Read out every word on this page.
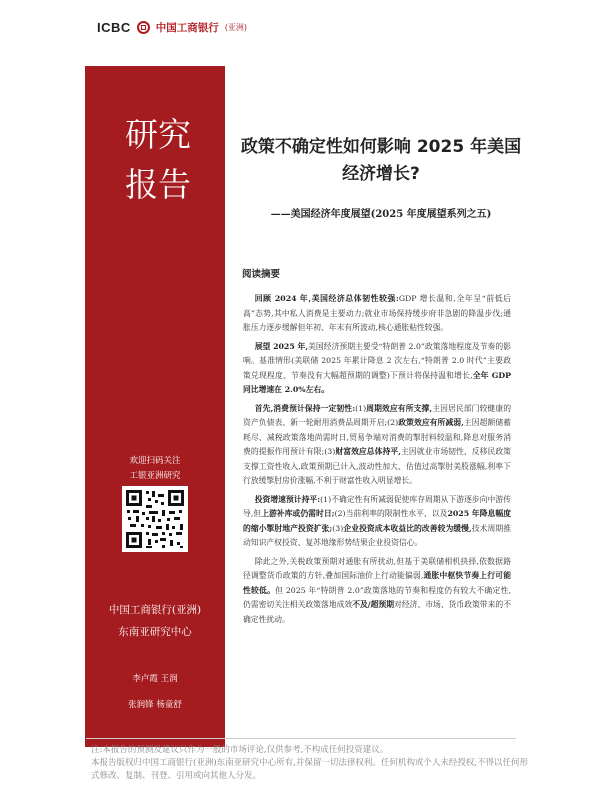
ICBC 中国工商银行 (亚洲)
研究报告
欢迎扫码关注
工银亚洲研究
中国工商银行(亚洲)
东南亚研究中心
李卢霞 王润
张润锋 杨童舒
政策不确定性如何影响 2025 年美国经济增长?
——美国经济年度展望(2025 年度展望系列之五)
阅读摘要

回顾 2024 年,美国经济总体韧性较强:GDP 增长温和,全年呈“前低后高”态势,其中私人消费是主要动力;就业市场保持缓步府非急剧的降温步伐;通胀压力逐步缓解但年初、年末有所波动,核心通胀粘性较强。

展望 2025 年,美国经济预期主要受“特朗普 2.0”政策落地程度及节奏的影响。基准情形(美联储 2025 年累计降息 2 次左右,“特朗普 2.0 时代”主要政策兑现程度、节奏没有大幅超预期的调整)下预计将保持温和增长,全年 GDP 同比增速在 2.0%左右。

首先,消费预计保持一定韧性:(1)周期效应有所支撑,主因居民部门较健康的资产负债表、新一轮耐用消费品周期开启;(2)政策效应有所减弱,主因超额储蓄耗尽、减税政策落地尚需时日,贸易争端对消费的掣肘料较温和,降息对服务消费的提振作用预计有限;(3)财富效应总体持平,主因就业市场韧性、反移民政策支撑工资性收入,政策预期已计入,波动性加大、估值过高掣肘美股涨幅,利率下行放缓掣肘房价涨幅,不利于财富性收入明显增长。

投资增速预计持平:(1)不确定性有所减弱促使库存周期从下游逐步向中游传导,但上游补库或仍需时日;(2)当前利率的限制性水平、以及2025 年降息幅度的缩小掣肘地产投资扩张;(3)企业投资成本收益比的改善较为缓慢,技术周期推动知识产权投资、复苏地缘形势结果企业投资信心。

除此之外,关税政策预期对通胀有所扰动,但基于美联储相机抉择,依数据路径调整货币政策的方针,叠加国际油价上行动能偏弱,通胀中枢快节奏上行可能性较低。但 2025 年“特朗普 2.0”政策落地的节奏和程度仍有较大不确定性,仍需密切关注相关政策落地成效不及/超预期对经济、市场、货币政策带来的不确定性扰动。

注:本报告的预测及建议只作为一般的市场评论,仅供参考,不构成任何投资建议。
本报告版权归中国工商银行(亚洲)东南亚研究中心所有,并保留一切法律权利。任何机构或个人未经授权,不得以任何形式修改、复制、刊登、引用或向其他人分发。
